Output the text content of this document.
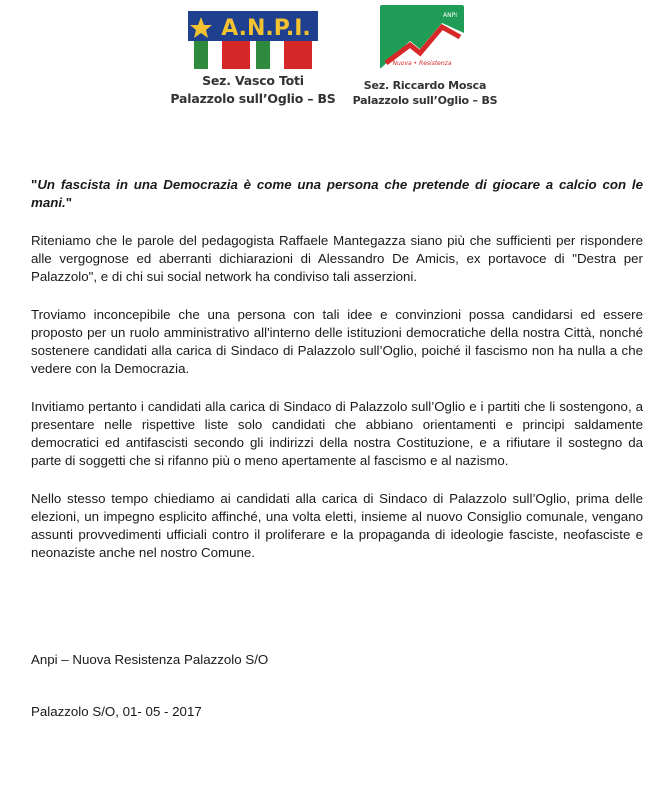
A.N.P.I.
ANPI
Nuova • Resistenza
Sez. Vasco Toti
Palazzolo sull’Oglio – BS
Sez. Riccardo Mosca
Palazzolo sull’Oglio – BS
"Un fascista in una Democrazia è come una persona che pretende di giocare a calcio con le mani."
Riteniamo che le parole del pedagogista Raffaele Mantegazza siano più che sufficienti per rispondere alle vergognose ed aberranti dichiarazioni di Alessandro De Amicis, ex portavoce di "Destra per Palazzolo", e di chi sui social network ha condiviso tali asserzioni.
Troviamo inconcepibile che una persona con tali idee e convinzioni possa candidarsi ed essere proposto per un ruolo amministrativo all'interno delle istituzioni democratiche della nostra Città, nonché sostenere candidati alla carica di Sindaco di Palazzolo sull’Oglio, poiché il fascismo non ha nulla a che vedere con la Democrazia.
Invitiamo pertanto i candidati alla carica di Sindaco di Palazzolo sull’Oglio e i partiti che li sostengono, a presentare nelle rispettive liste solo candidati che abbiano orientamenti e principi saldamente democratici ed antifascisti secondo gli indirizzi della nostra Costituzione, e a rifiutare il sostegno da parte di soggetti che si rifanno più o meno apertamente al fascismo e al nazismo.
Nello stesso tempo chiediamo ai candidati alla carica di Sindaco di Palazzolo sull’Oglio, prima delle elezioni, un impegno esplicito affinché, una volta eletti, insieme al nuovo Consiglio comunale, vengano assunti provvedimenti ufficiali contro il proliferare e la propaganda di ideologie fasciste, neofasciste e neonaziste anche nel nostro Comune.
Anpi – Nuova Resistenza Palazzolo S/O
Palazzolo S/O, 01- 05 - 2017
